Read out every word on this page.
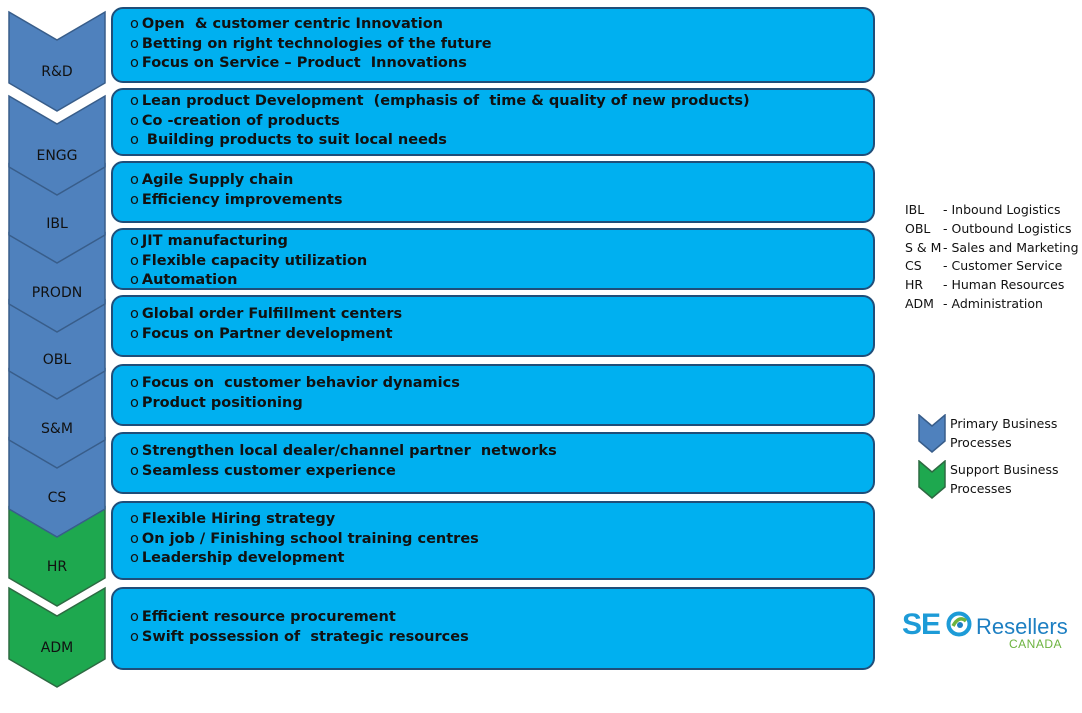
R&D
ENGG
IBL
PRODN
OBL
S&M
CS
HR
ADM
o Open  & customer centric Innovation
o Betting on right technologies of the future
o Focus on Service – Product  Innovations
o Lean product Development  (emphasis of  time & quality of new products)
o Co -creation of products
o Building products to suit local needs
o Agile Supply chain
o Efficiency improvements
o JIT manufacturing
o Flexible capacity utilization
o Automation
o Global order Fulfillment centers
o Focus on Partner development
o Focus on  customer behavior dynamics
o Product positioning
o Strengthen local dealer/channel partner  networks
o Seamless customer experience
o Flexible Hiring strategy
o On job / Finishing school training centres
o Leadership development
o Efficient resource procurement
o Swift possession of  strategic resources
IBL - Inbound Logistics
OBL - Outbound Logistics
S & M - Sales and Marketing
CS - Customer Service
HR - Human Resources
ADM - Administration
Primary Business Processes
Support Business Processes
SE	Resellers
CANADA
